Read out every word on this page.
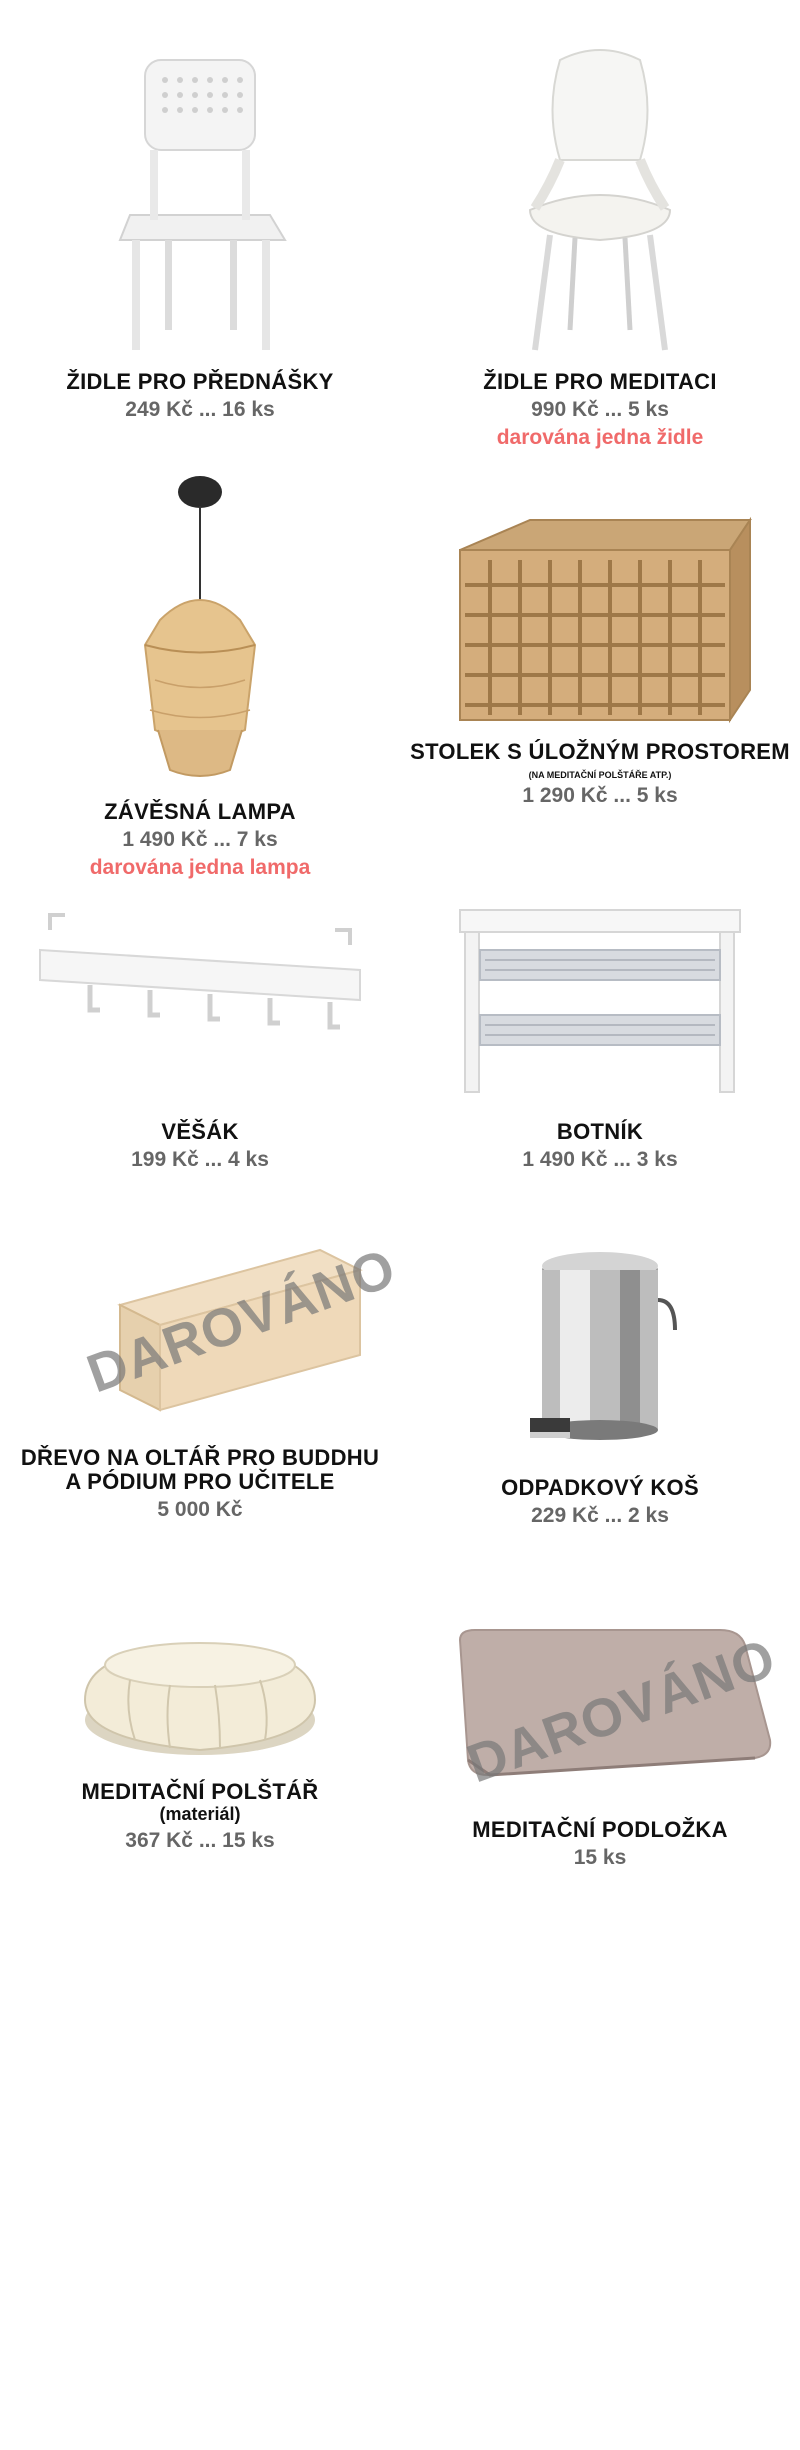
ŽIDLE PRO PŘEDNÁŠKY
249 Kč ... 16 ks
ŽIDLE PRO MEDITACI
990 Kč ... 5 ks
darována jedna židle
ZÁVĚSNÁ LAMPA
1 490 Kč ... 7 ks
darována jedna lampa
STOLEK S ÚLOŽNÝM PROSTOREM
(NA MEDITAČNÍ POLŠTÁŘE ATP.)
1 290 Kč ... 5 ks
VĚŠÁK
199 Kč ... 4 ks
BOTNÍK
1 490 Kč ... 3 ks
DAROVÁNO
DŘEVO NA OLTÁŘ PRO BUDDHU A PÓDIUM PRO UČITELE
5 000 Kč
ODPADKOVÝ KOŠ
229 Kč ... 2 ks
MEDITAČNÍ POLŠTÁŘ
(materiál)
367 Kč ... 15 ks
DAROVÁNO
MEDITAČNÍ PODLOŽKA
15 ks
